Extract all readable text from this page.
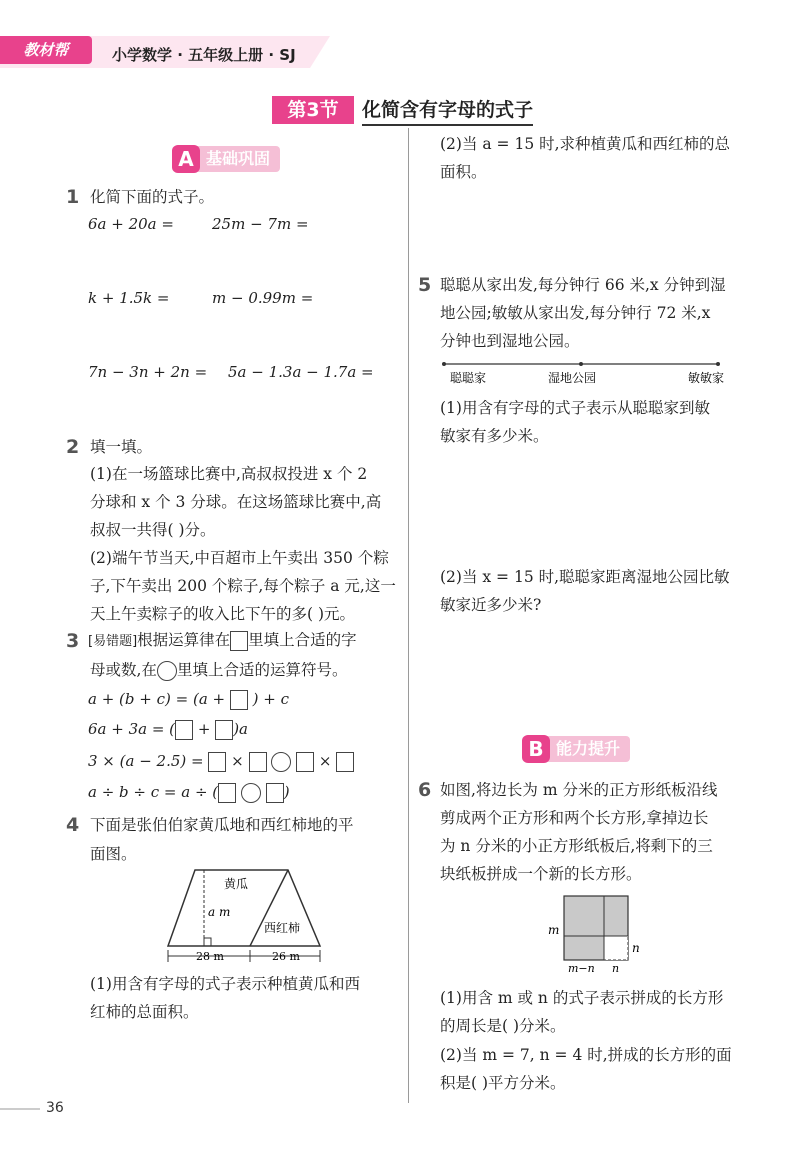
教材帮	小学数学 · 五年级上册 · SJ
第3节	化简含有字母的式子
A 基础巩固
1 化简下面的式子。
6a + 20a =	25m − 7m =
k + 1.5k =	m − 0.99m =
7n − 3n + 2n = 5a − 1.3a − 1.7a =
2 填一填。
(1)在一场篮球比赛中,高叔叔投进 x 个 2
分球和 x 个 3 分球。在这场篮球比赛中,高
叔叔一共得( )分。
(2)端午节当天,中百超市上午卖出 350 个粽
子,下午卖出 200 个粽子,每个粽子 a 元,这一
天上午卖粽子的收入比下午的多( )元。
3 [易错题]根据运算律在 里填上合适的字
母或数,在 里填上合适的运算符号。
a + (b + c) = (a + ) + c
6a + 3a = ( + )a
3 × (a − 2.5) = ×	×
a ÷ b ÷ c = a ÷ (	)
4 下面是张伯伯家黄瓜地和西红柿地的平
面图。
黄瓜
a m
西红柿
28 m	26 m
(1)用含有字母的式子表示种植黄瓜和西
红柿的总面积。
(2)当 a = 15 时,求种植黄瓜和西红柿的总
面积。
5 聪聪从家出发,每分钟行 66 米,x 分钟到湿
地公园;敏敏从家出发,每分钟行 72 米,x
分钟也到湿地公园。
聪聪家	湿地公园	敏敏家
(1)用含有字母的式子表示从聪聪家到敏
敏家有多少米。
(2)当 x = 15 时,聪聪家距离湿地公园比敏
敏家近多少米?
B 能力提升
6 如图,将边长为 m 分米的正方形纸板沿线
剪成两个正方形和两个长方形,拿掉边长
为 n 分米的小正方形纸板后,将剩下的三
块纸板拼成一个新的长方形。
m
n
m−n n
(1)用含 m 或 n 的式子表示拼成的长方形
的周长是( )分米。
(2)当 m = 7, n = 4 时,拼成的长方形的面
积是( )平方分米。
36
